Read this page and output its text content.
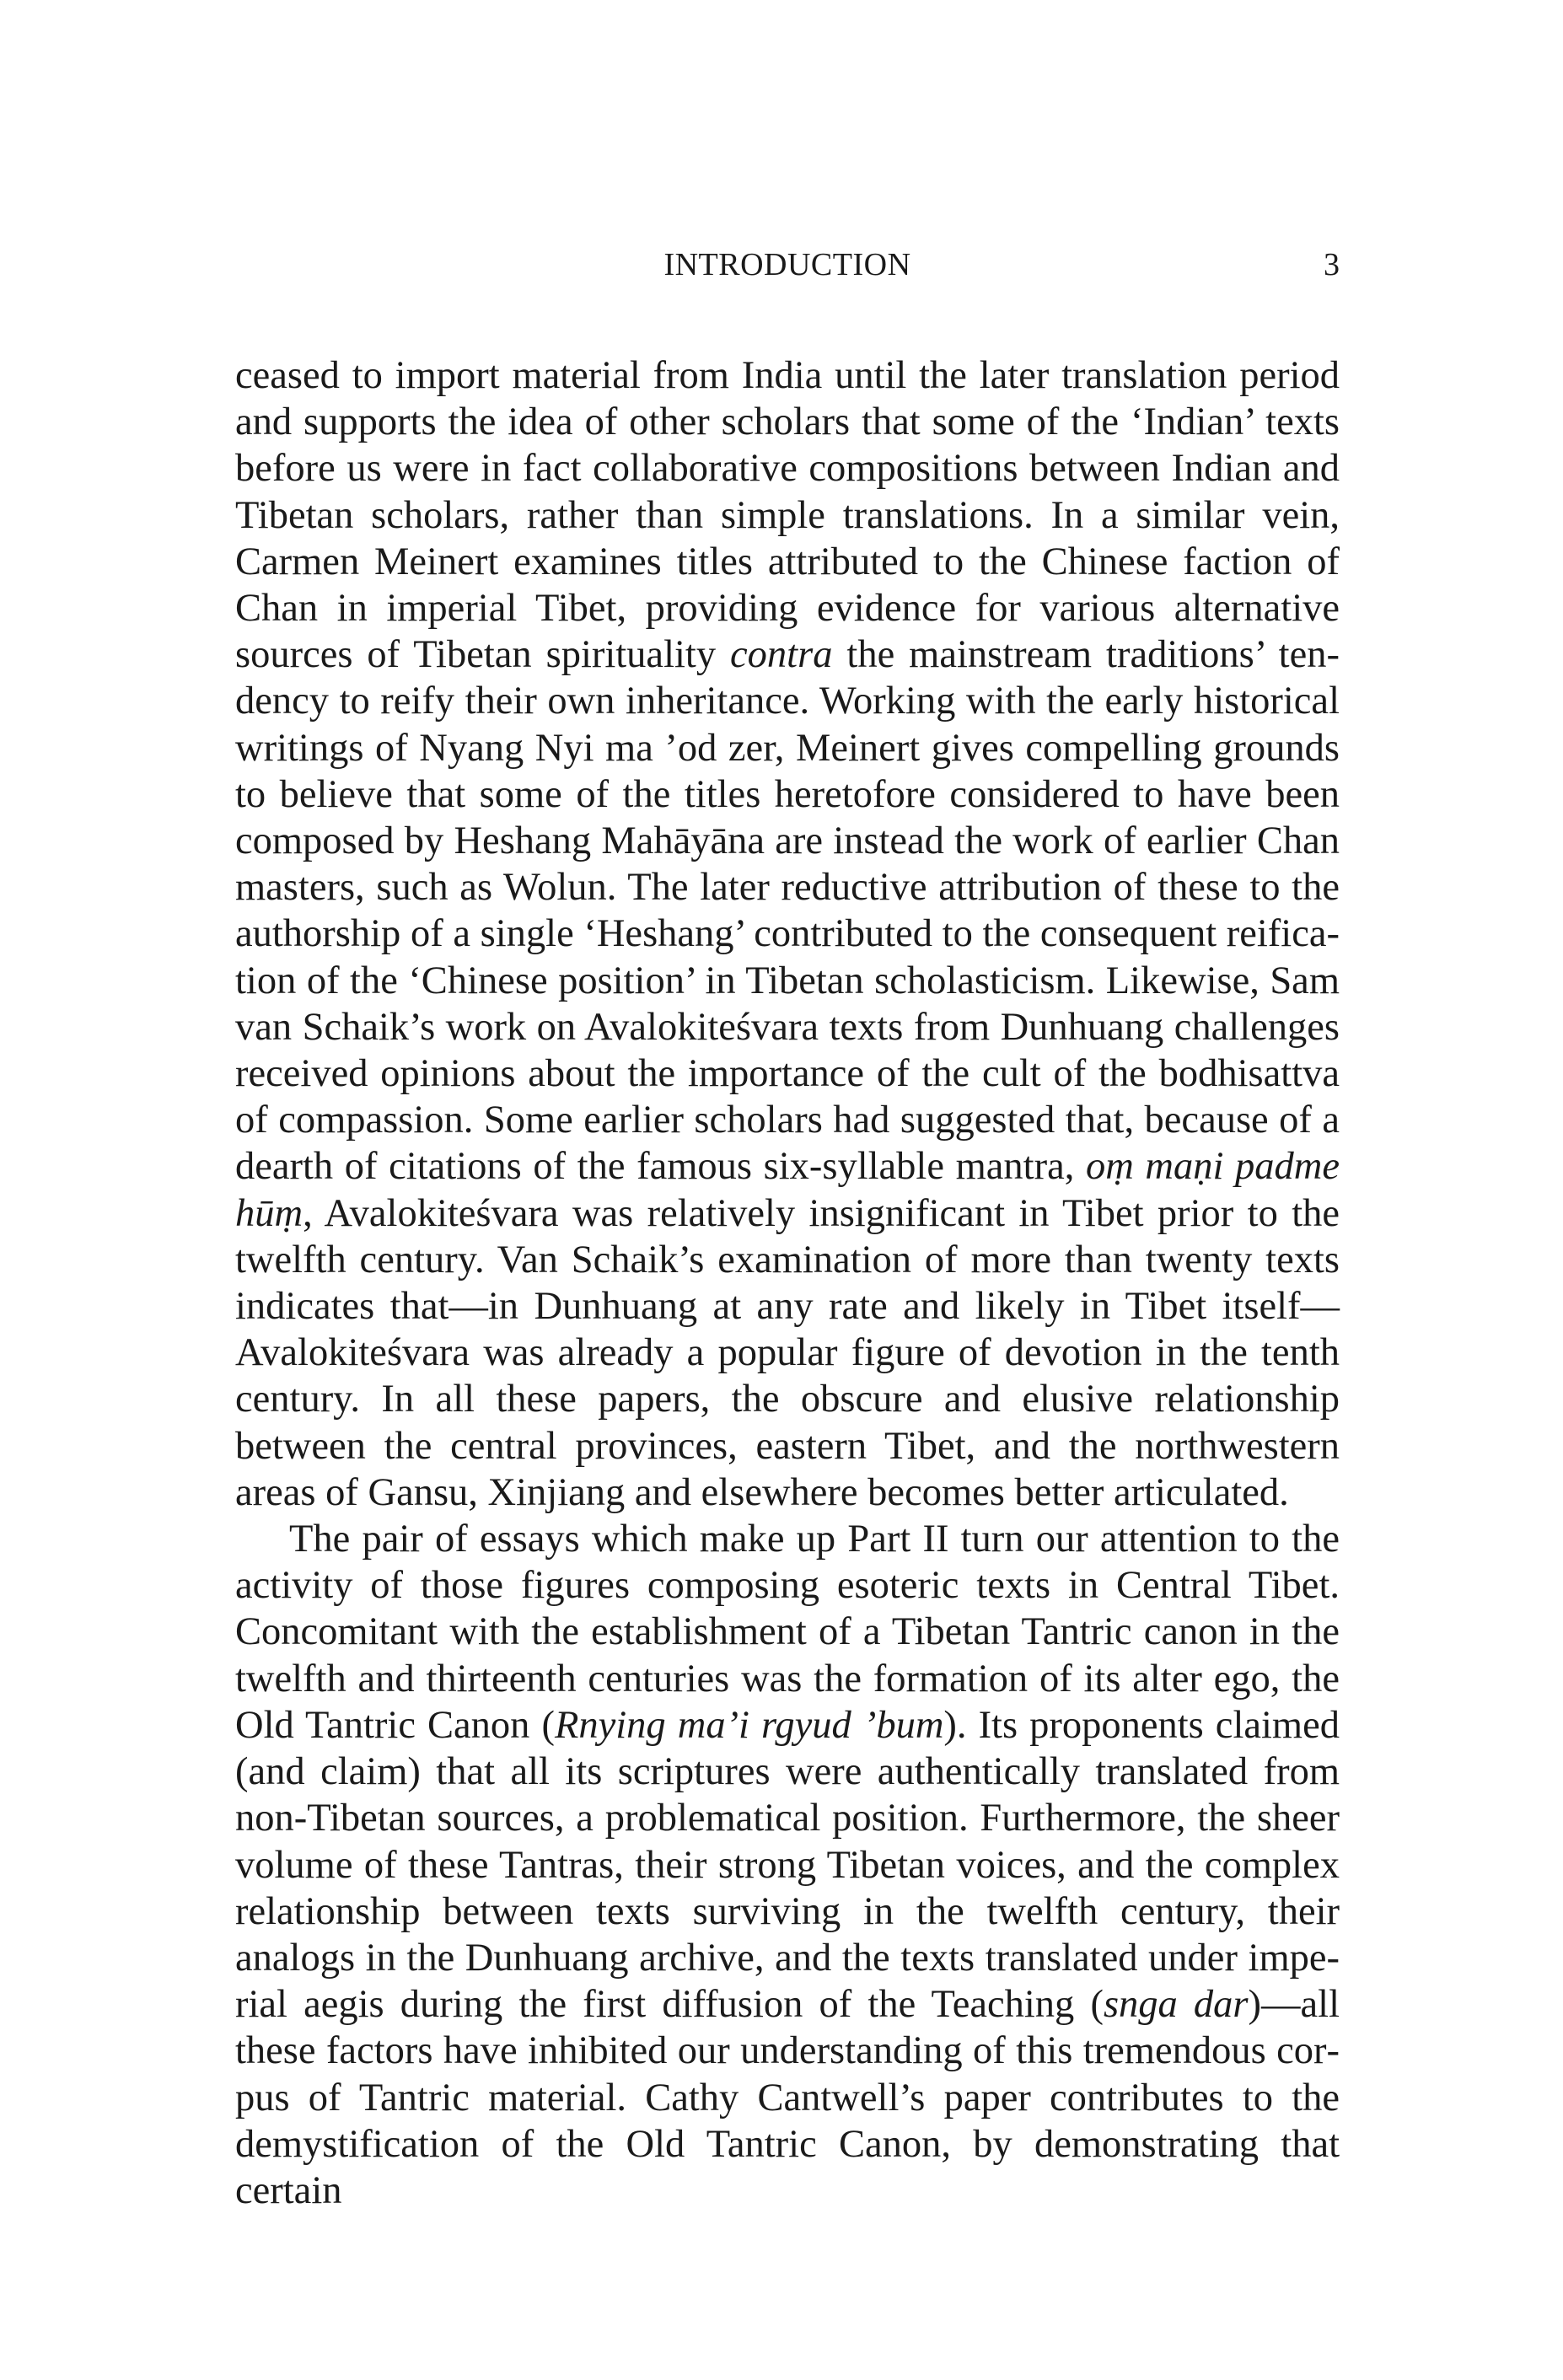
INTRODUCTION	3

ceased to import material from India until the later translation period and supports the idea of other scholars that some of the ‘Indian’ texts before us were in fact collaborative compositions between Indian and Tibetan scholars, rather than simple translations. In a similar vein, Carmen Meinert examines titles attributed to the Chinese faction of Chan in imperial Tibet, providing evidence for various alternative sources of Tibetan spirituality contra the mainstream traditions’ tendency to reify their own inheritance. Working with the early historical writings of Nyang Nyi ma ’od zer, Meinert gives compelling grounds to believe that some of the titles heretofore considered to have been composed by Heshang Mahāyāna are instead the work of earlier Chan masters, such as Wolun. The later reductive attribution of these to the authorship of a single ‘Heshang’ contributed to the consequent reification of the ‘Chinese position’ in Tibetan scholasticism. Likewise, Sam van Schaik’s work on Avalokiteśvara texts from Dunhuang challenges received opinions about the importance of the cult of the bodhisattva of compassion. Some earlier scholars had suggested that, because of a dearth of citations of the famous six-syllable mantra, oṃ maṇi padme hūṃ, Avalokiteśvara was relatively insignificant in Tibet prior to the twelfth century. Van Schaik’s examination of more than twenty texts indicates that—in Dunhuang at any rate and likely in Tibet itself—Avalokiteśvara was already a popular figure of devotion in the tenth century. In all these papers, the obscure and elusive relationship between the central provinces, eastern Tibet, and the northwestern areas of Gansu, Xinjiang and elsewhere becomes better articulated.

The pair of essays which make up Part II turn our attention to the activity of those figures composing esoteric texts in Central Tibet. Concomitant with the establishment of a Tibetan Tantric canon in the twelfth and thirteenth centuries was the formation of its alter ego, the Old Tantric Canon (Rnying ma’i rgyud ’bum). Its proponents claimed (and claim) that all its scriptures were authentically translated from non-Tibetan sources, a problematical position. Furthermore, the sheer volume of these Tantras, their strong Tibetan voices, and the complex relationship between texts surviving in the twelfth century, their analogs in the Dunhuang archive, and the texts translated under imperial aegis during the first diffusion of the Teaching (snga dar)—all these factors have inhibited our understanding of this tremendous corpus of Tantric material. Cathy Cantwell’s paper contributes to the demystification of the Old Tantric Canon, by demonstrating that certain
